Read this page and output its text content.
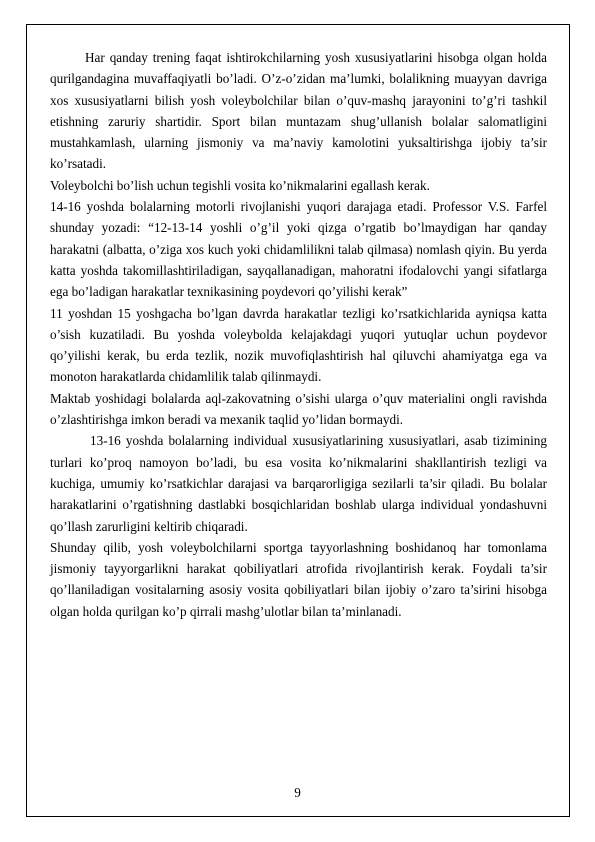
Har qanday trening faqat ishtirokchilarning yosh xususiyatlarini hisobga olgan holda qurilgandagina muvaffaqiyatli bo’ladi. O’z-o’zidan ma’lumki, bolalikning muayyan davriga xos xususiyatlarni bilish yosh voleybolchilar bilan o’quv-mashq jarayonini to’g’ri tashkil etishning zaruriy shartidir. Sport bilan muntazam shug’ullanish bolalar salomatligini mustahkamlash, ularning jismoniy va ma’naviy kamolotini yuksaltirishga ijobiy ta’sir ko’rsatadi.

Voleybolchi bo’lish uchun tegishli vosita ko’nikmalarini egallash kerak.

14-16 yoshda bolalarning motorli rivojlanishi yuqori darajaga etadi. Professor V.S. Farfel shunday yozadi: “12-13-14 yoshli o’g’il yoki qizga o’rgatib bo’lmaydigan har qanday harakatni (albatta, o’ziga xos kuch yoki chidamlilikni talab qilmasa) nomlash qiyin. Bu yerda katta yoshda takomillashtiriladigan, sayqallanadigan, mahoratni ifodalovchi yangi sifatlarga ega bo’ladigan harakatlar texnikasining poydevori qo’yilishi kerak”

11 yoshdan 15 yoshgacha bo’lgan davrda harakatlar tezligi ko’rsatkichlarida ayniqsa katta o’sish kuzatiladi. Bu yoshda voleybolda kelajakdagi yuqori yutuqlar uchun poydevor qo’yilishi kerak, bu erda tezlik, nozik muvofiqlashtirish hal qiluvchi ahamiyatga ega va monoton harakatlarda chidamlilik talab qilinmaydi.

Maktab yoshidagi bolalarda aql-zakovatning o’sishi ularga o’quv materialini ongli ravishda o’zlashtirishga imkon beradi va mexanik taqlid yo’lidan bormaydi.

13-16 yoshda bolalarning individual xususiyatlarining xususiyatlari, asab tizimining turlari ko’proq namoyon bo’ladi, bu esa vosita ko’nikmalarini shakllantirish tezligi va kuchiga, umumiy ko’rsatkichlar darajasi va barqarorligiga sezilarli ta’sir qiladi. Bu bolalar harakatlarini o’rgatishning dastlabki bosqichlaridan boshlab ularga individual yondashuvni qo’llash zarurligini keltirib chiqaradi.

Shunday qilib, yosh voleybolchilarni sportga tayyorlashning boshidanoq har tomonlama jismoniy tayyorgarlikni harakat qobiliyatlari atrofida rivojlantirish kerak. Foydali ta’sir qo’llaniladigan vositalarning asosiy vosita qobiliyatlari bilan ijobiy o’zaro ta’sirini hisobga olgan holda qurilgan ko’p qirrali mashg’ulotlar bilan ta’minlanadi.

9
